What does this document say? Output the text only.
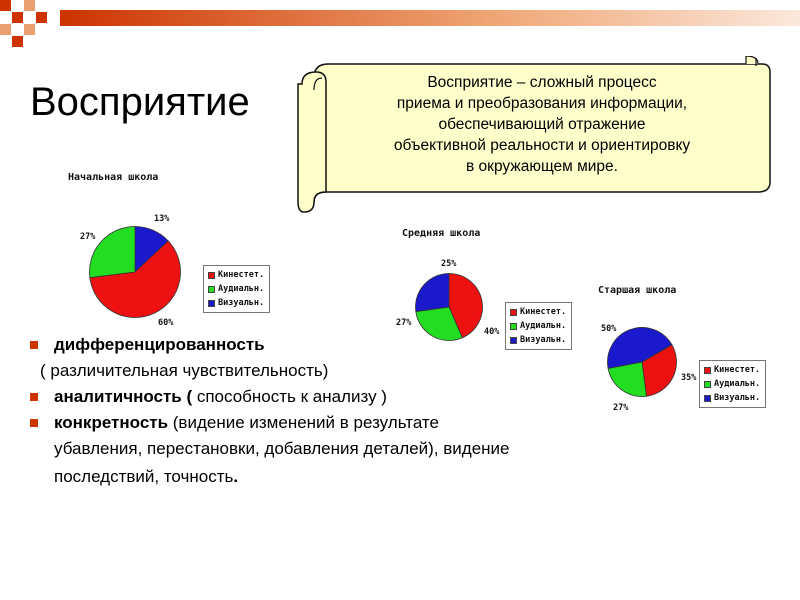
Восприятие	Восприятие – сложный процесс
приема и преобразования информации,
обеспечивающий отражение
объективной реальности и ориентировку
в окружающем мире.
Начальная школа
13%
27%
60%
Кинестет.
Аудиальн.
Визуальн.
Средняя школа
25%
27%
40%
Кинестет.
Аудиальн.
Визуальн.
Старшая школа
50%
35%
27%
Кинестет.
Аудиальн.
Визуальн.
дифференцированность
( различительная чувствительность)
аналитичность ( способность к анализу )
конкретность (видение изменений в результате
убавления, перестановки, добавления деталей), видение
последствий, точность.
